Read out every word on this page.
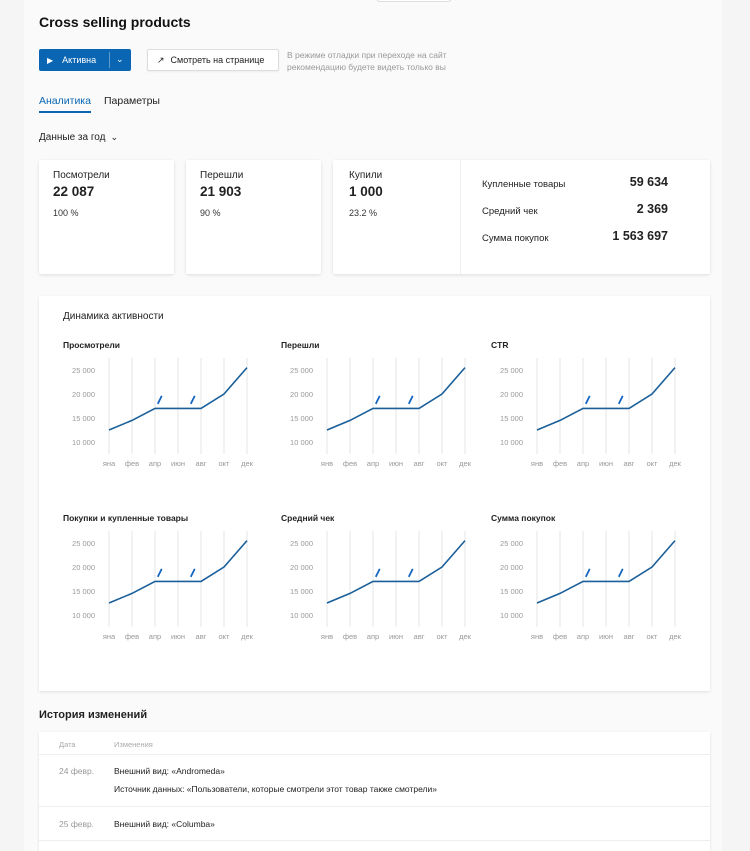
Cross selling products
▶ Активна ⌄	↗ Смотреть на странице	В режиме отладки при переходе на сайт
рекомендацию будете видеть только вы
Аналитика Параметры
Данные за год ⌄
Посмотрели
22 087
100 %
Перешли
21 903
90 %
Купили
1 000
23.2 %
Купленные товары	59 634
Средний чек	2 369
Сумма покупок	1 563 697
Динамика активности
Просмотрели
25 000
20 000
15 000
10 000
яна фев апр июн авг окт дек
Перешли
25 000
20 000
15 000
10 000
янв фев апр июн авг окт дек
CTR
25 000
20 000
15 000
10 000
янв фев апр июн авг окт дек
Покупки и купленные товары
25 000
20 000
15 000
10 000
яна фев апр июн авг окт дек
Средний чек
25 000
20 000
15 000
10 000
янв фев апр июн авг окт дек
Сумма покупок
25 000
20 000
15 000
10 000
янв фев апр июн авг окт дек
История изменений
Дата	Изменения
24 февр. Внешний вид: «Andromeda»
Источник данных: «Пользователи, которые смотрели этот товар также смотрели»
25 февр. Внешний вид: «Columba»
